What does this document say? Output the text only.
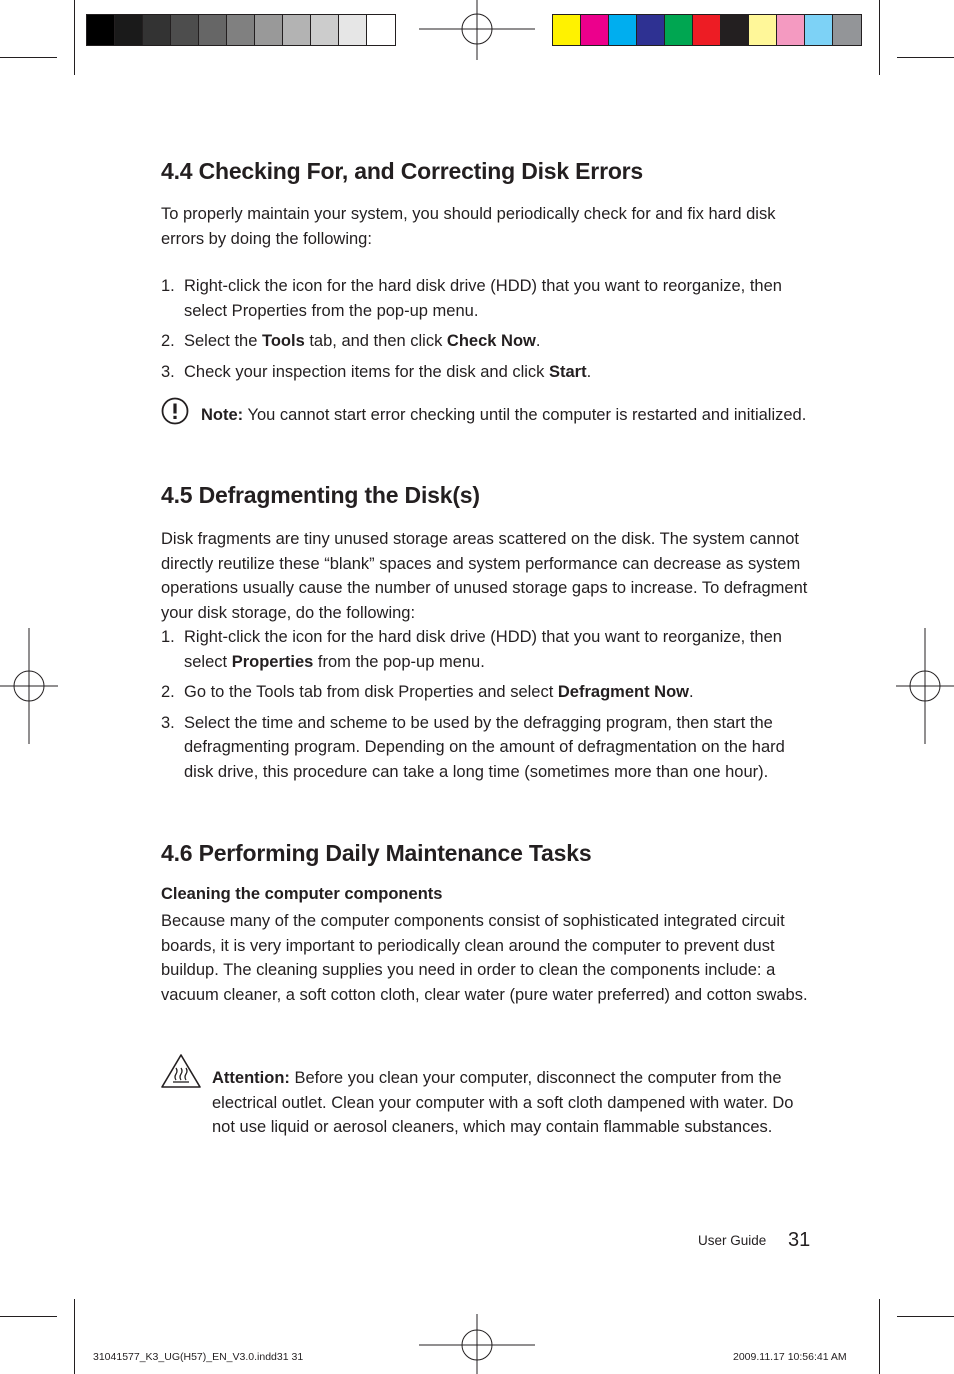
4.4 Checking For, and Correcting Disk Errors

To properly maintain your system, you should periodically check for and fix hard disk errors by doing the following:

1. Right-click the icon for the hard disk drive (HDD) that you want to reorganize, then select Properties from the pop-up menu.
2. Select the Tools tab, and then click Check Now.
3. Check your inspection items for the disk and click Start.

Note: You cannot start error checking until the computer is restarted and initialized.

4.5 Defragmenting the Disk(s)

Disk fragments are tiny unused storage areas scattered on the disk. The system cannot directly reutilize these “blank” spaces and system performance can decrease as system operations usually cause the number of unused storage gaps to increase. To defragment your disk storage, do the following:

1. Right-click the icon for the hard disk drive (HDD) that you want to reorganize, then select Properties from the pop-up menu.
2. Go to the Tools tab from disk Properties and select Defragment Now.
3. Select the time and scheme to be used by the defragging program, then start the defragmenting program. Depending on the amount of defragmentation on the hard disk drive, this procedure can take a long time (sometimes more than one hour).
4.6 Performing Daily Maintenance Tasks
Cleaning the computer components

Because many of the computer components consist of sophisticated integrated circuit boards, it is very important to periodically clean around the computer to prevent dust buildup. The cleaning supplies you need in order to clean the components include: a vacuum cleaner, a soft cotton cloth, clear water (pure water preferred) and cotton swabs.

Attention: Before you clean your computer, disconnect the computer from the electrical outlet. Clean your computer with a soft cloth dampened with water. Do not use liquid or aerosol cleaners, which may contain flammable substances.

User Guide 31
31041577_K3_UG(H57)_EN_V3.0.indd31 31	2009.11.17 10:56:41 AM
